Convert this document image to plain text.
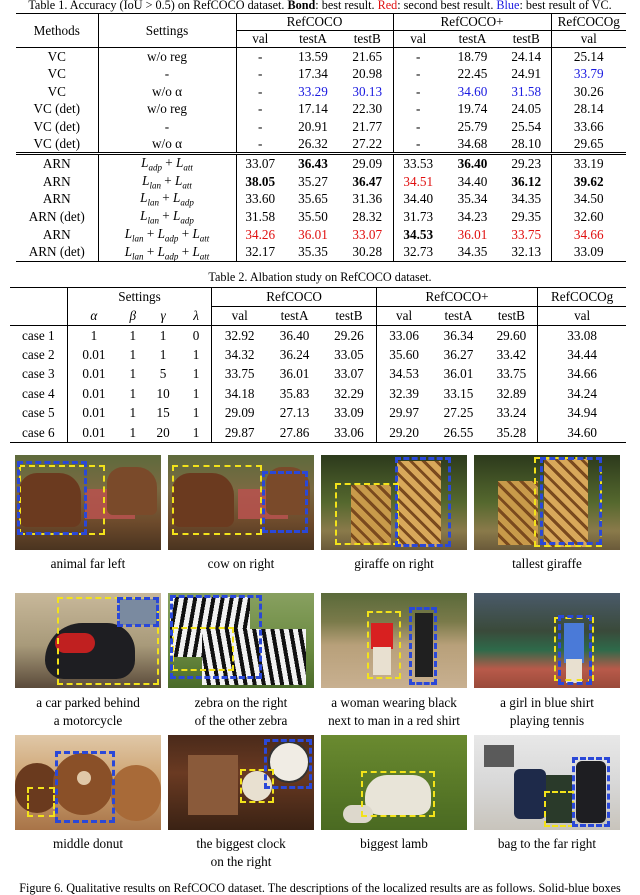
Table 1. Accuracy (IoU > 0.5) on RefCOCO dataset. Bond: best result. Red: second best result. Blue: best result of VC.
Methods	Settings	RefCOCO			RefCOCO+			RefCOCOg
		val	testA	testB	val	testA	testB	val
VC	w/o reg	-	13.59	21.65	-	18.79	24.14	25.14
VC	-	-	17.34	20.98	-	22.45	24.91	33.79
VC	w/o α	-	33.29	30.13	-	34.60	31.58	30.26
VC (det)	w/o reg	-	17.14	22.30	-	19.74	24.05	28.14
VC (det)	-	-	20.91	21.77	-	25.79	25.54	33.66
VC (det)	w/o α	-	26.32	27.22	-	34.68	28.10	29.65
ARN	$L_{adp} + L_{att}$	33.07	36.43	29.09	33.53	36.40	29.23	33.19
ARN	$L_{lan} + L_{att}$	38.05	35.27	36.47	34.51	34.40	36.12	39.62
ARN	$L_{lan} + L_{adp}$	33.60	35.65	31.36	34.40	35.34	34.35	34.50
ARN (det)	$L_{lan} + L_{adp}$	31.58	35.50	28.32	31.73	34.23	29.35	32.60
ARN	$L_{lan} + L_{adp} + L_{att}$	34.26	36.01	33.07	34.53	36.01	33.75	34.66
ARN (det)	$L_{lan} + L_{adp} + L_{att}$	32.17	35.35	30.28	32.73	34.35	32.13	33.09
Table 2. Albation study on RefCOCO dataset.
	Settings				RefCOCO			RefCOCO+			RefCOCOg
	α	β	γ	λ	val	testA	testB	val	testA	testB	val
case 1	1	1	1	0	32.92	36.40	29.26	33.06	36.34	29.60	33.08
case 2	0.01	1	1	1	34.32	36.24	33.05	35.60	36.27	33.42	34.44
case 3	0.01	1	5	1	33.75	36.01	33.07	34.53	36.01	33.75	34.66
case 4	0.01	1	10	1	34.18	35.83	32.29	32.39	33.15	32.89	34.24
case 5	0.01	1	15	1	29.09	27.13	33.09	29.97	27.25	33.24	34.94
case 6	0.01	1	20	1	29.87	27.86	33.06	29.20	26.55	35.28	34.60
animal far left	cow on right	giraffe on right	tallest giraffe
a car parked behind
a motorcycle
zebra on the right
of the other zebra
a woman wearing black
next to man in a red shirt
a girl in blue shirt
playing tennis
middle donut	the biggest clock
on the right
biggest lamb	bag to the far right
Figure 6. Qualitative results on RefCOCO dataset. The descriptions of the localized results are as follows. Solid-blue boxes
